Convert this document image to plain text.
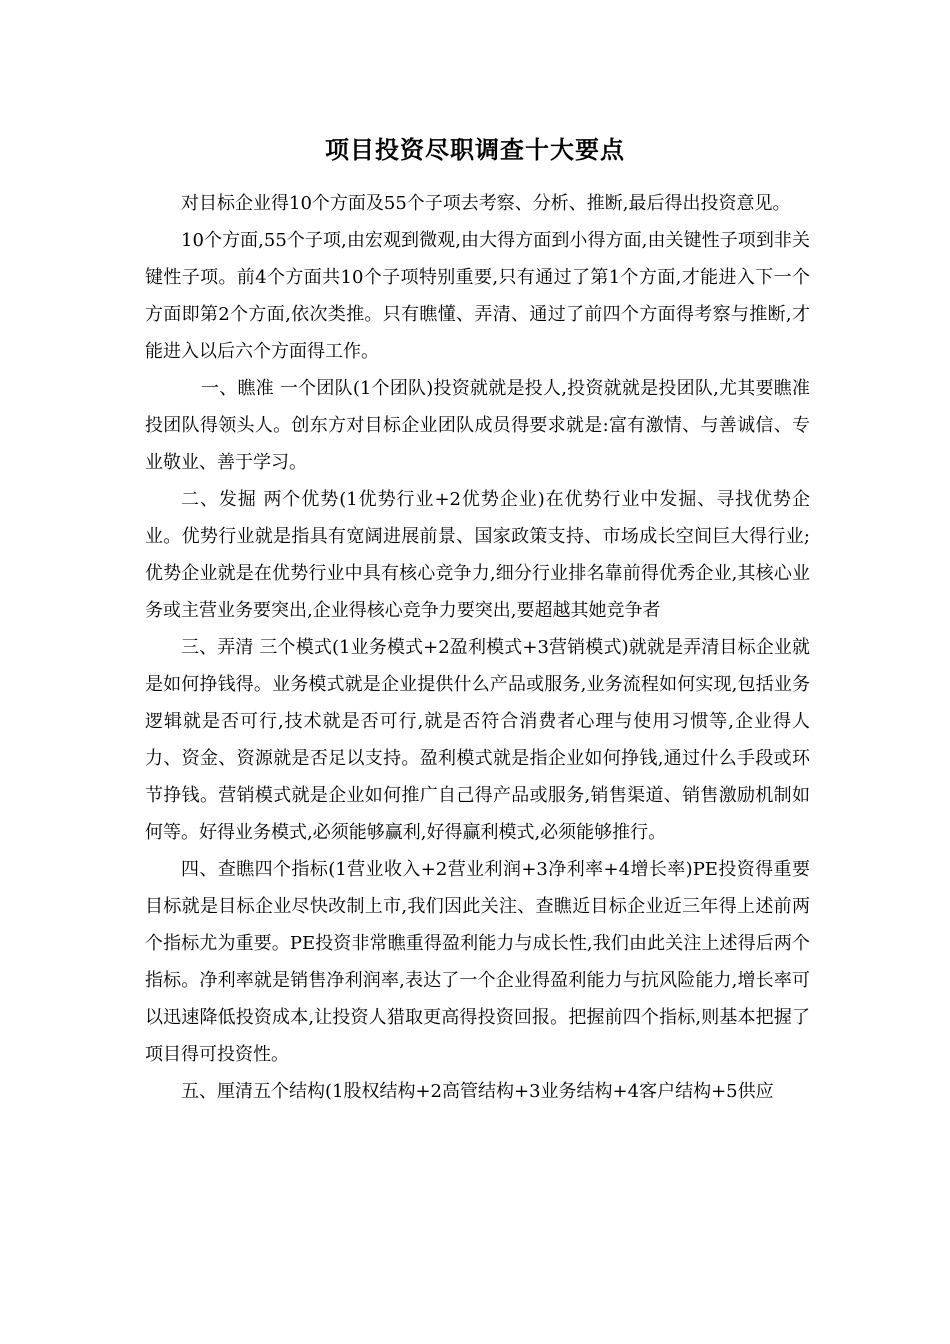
项目投资尽职调查十大要点

对目标企业得10个方面及55个子项去考察、分析、推断,最后得出投资意见。

10个方面,55个子项,由宏观到微观,由大得方面到小得方面,由关键性子项到非关键性子项。前4个方面共10个子项特别重要,只有通过了第1个方面,才能进入下一个方面即第2个方面,依次类推。只有瞧懂、弄清、通过了前四个方面得考察与推断,才能进入以后六个方面得工作。

一、瞧准 一个团队(1个团队)投资就就是投人,投资就就是投团队,尤其要瞧准投团队得领头人。创东方对目标企业团队成员得要求就是:富有激情、与善诚信、专业敬业、善于学习。

二、发掘 两个优势(1优势行业+2优势企业)在优势行业中发掘、寻找优势企业。优势行业就是指具有宽阔进展前景、国家政策支持、市场成长空间巨大得行业;优势企业就是在优势行业中具有核心竞争力,细分行业排名靠前得优秀企业,其核心业务或主营业务要突出,企业得核心竞争力要突出,要超越其她竞争者

三、弄清 三个模式(1业务模式+2盈利模式+3营销模式)就就是弄清目标企业就是如何挣钱得。业务模式就是企业提供什么产品或服务,业务流程如何实现,包括业务逻辑就是否可行,技术就是否可行,就是否符合消费者心理与使用习惯等,企业得人力、资金、资源就是否足以支持。盈利模式就是指企业如何挣钱,通过什么手段或环节挣钱。营销模式就是企业如何推广自己得产品或服务,销售渠道、销售激励机制如何等。好得业务模式,必须能够赢利,好得赢利模式,必须能够推行。

四、查瞧四个指标(1营业收入+2营业利润+3净利率+4增长率)PE投资得重要目标就是目标企业尽快改制上市,我们因此关注、查瞧近目标企业近三年得上述前两个指标尤为重要。PE投资非常瞧重得盈利能力与成长性,我们由此关注上述得后两个指标。净利率就是销售净利润率,表达了一个企业得盈利能力与抗风险能力,增长率可以迅速降低投资成本,让投资人猎取更高得投资回报。把握前四个指标,则基本把握了项目得可投资性。

五、厘清五个结构(1股权结构+2高管结构+3业务结构+4客户结构+5供应
